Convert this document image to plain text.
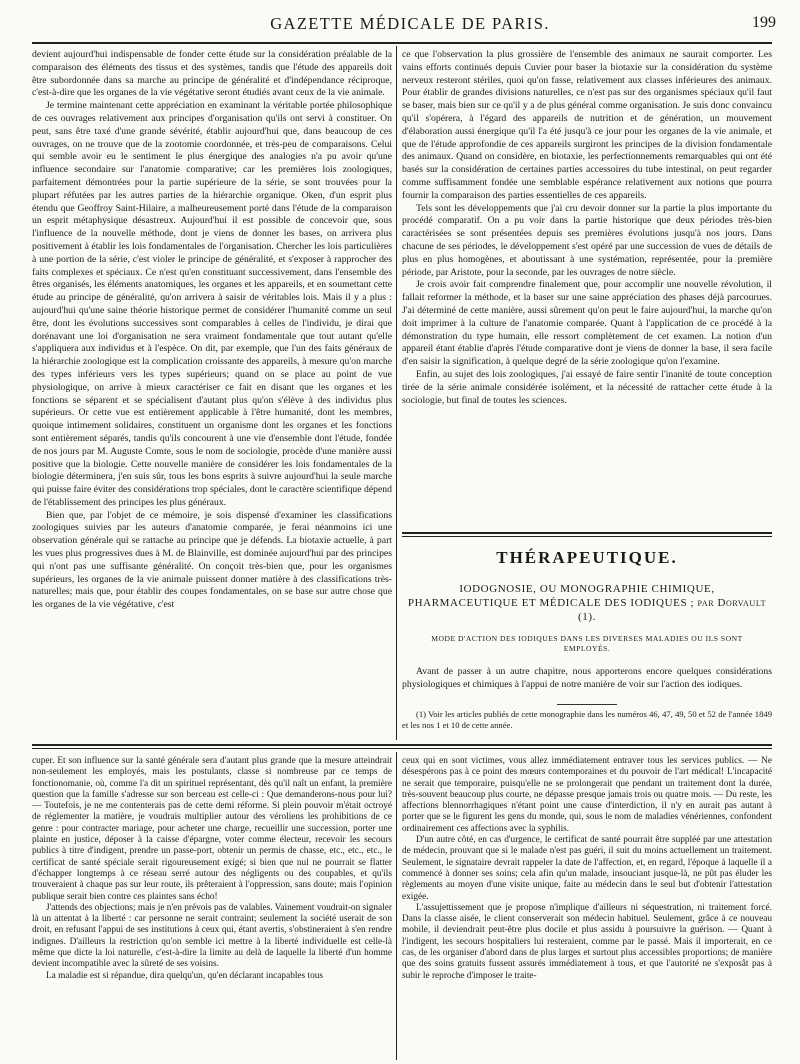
GAZETTE MÉDICALE DE PARIS.	199

devient aujourd'hui indispensable de fonder cette étude sur la considération préalable de la comparaison des éléments des tissus et des systèmes, tandis que l'étude des appareils doit être subordonnée dans sa marche au principe de généralité et d'indépendance réciproque, c'est-à-dire que les organes de la vie végétative seront étudiés avant ceux de la vie animale.

Je termine maintenant cette appréciation en examinant la véritable portée philosophique de ces ouvrages relativement aux principes d'organisation qu'ils ont servi à constituer. On peut, sans être taxé d'une grande sévérité, établir aujourd'hui que, dans beaucoup de ces ouvrages, on ne trouve que de la zootomie coordonnée, et très-peu de comparaisons. Celui qui semble avoir eu le sentiment le plus énergique des analogies n'a pu avoir qu'une influence secondaire sur l'anatomie comparative; car les premières lois zoologiques, parfaitement démontrées pour la partie supérieure de la série, se sont trouvées pour la plupart réfutées par les autres parties de la hiérarchie organique. Oken, d'un esprit plus étendu que Geoffroy Saint-Hilaire, a malheureusement porté dans l'étude de la comparaison un esprit métaphysique désastreux. Aujourd'hui il est possible de concevoir que, sous l'influence de la nouvelle méthode, dont je viens de donner les bases, on arrivera plus positivement à établir les lois fondamentales de l'organisation. Chercher les lois particulières à une portion de la série, c'est violer le principe de généralité, et s'exposer à rapprocher des faits complexes et spéciaux. Ce n'est qu'en constituant successivement, dans l'ensemble des êtres organisés, les éléments anatomiques, les organes et les appareils, et en soumettant cette étude au principe de généralité, qu'on arrivera à saisir de véritables lois. Mais il y a plus : aujourd'hui qu'une saine théorie historique permet de considérer l'humanité comme un seul être, dont les évolutions successives sont comparables à celles de l'individu, je dirai que dorénavant une loi d'organisation ne sera vraiment fondamentale que tout autant qu'elle s'appliquera aux individus et à l'espèce. On dit, par exemple, que l'un des faits généraux de la hiérarchie zoologique est la complication croissante des appareils, à mesure qu'on marche des types inférieurs vers les types supérieurs; quand on se place au point de vue physiologique, on arrive à mieux caractériser ce fait en disant que les organes et les fonctions se séparent et se spécialisent d'autant plus qu'on s'élève à des individus plus supérieurs. Or cette vue est entièrement applicable à l'être humanité, dont les membres, quoique intimement solidaires, constituent un organisme dont les organes et les fonctions sont entièrement séparés, tandis qu'ils concourent à une vie d'ensemble dont l'étude, fondée de nos jours par M. Auguste Comte, sous le nom de sociologie, procède d'une manière aussi positive que la biologie. Cette nouvelle manière de considérer les lois fondamentales de la biologie déterminera, j'en suis sûr, tous les bons esprits à suivre aujourd'hui la seule marche qui puisse faire éviter des considérations trop spéciales, dont le caractère scientifique dépend de l'établissement des principes les plus généraux.

Bien que, par l'objet de ce mémoire, je sois dispensé d'examiner les classifications zoologiques suivies par les auteurs d'anatomie comparée, je ferai néanmoins ici une observation générale qui se rattache au principe que je défends. La biotaxie actuelle, à part les vues plus progressives dues à M. de Blainville, est dominée aujourd'hui par des principes qui n'ont pas une suffisante généralité. On conçoit très-bien que, pour les organismes supérieurs, les organes de la vie animale puissent donner matière à des classifications très-naturelles; mais que, pour établir des coupes fondamentales, on se base sur autre chose que les organes de la vie végétative, c'est

ce que l'observation la plus grossière de l'ensemble des animaux ne saurait comporter. Les vains efforts continués depuis Cuvier pour baser la biotaxie sur la considération du système nerveux resteront stériles, quoi qu'on fasse, relativement aux classes inférieures des animaux. Pour établir de grandes divisions naturelles, ce n'est pas sur des organismes spéciaux qu'il faut se baser, mais bien sur ce qu'il y a de plus général comme organisation. Je suis donc convaincu qu'il s'opérera, à l'égard des appareils de nutrition et de génération, un mouvement d'élaboration aussi énergique qu'il l'a été jusqu'à ce jour pour les organes de la vie animale, et que de l'étude approfondie de ces appareils surgiront les principes de la division fondamentale des animaux. Quand on considère, en biotaxie, les perfectionnements remarquables qui ont été basés sur la considération de certaines parties accessoires du tube intestinal, on peut regarder comme suffisamment fondée une semblable espérance relativement aux notions que pourra fournir la comparaison des parties essentielles de ces appareils.

Tels sont les développements que j'ai cru devoir donner sur la partie la plus importante du procédé comparatif. On a pu voir dans la partie historique que deux périodes très-bien caractérisées se sont présentées depuis ses premières évolutions jusqu'à nos jours. Dans chacune de ses périodes, le développement s'est opéré par une succession de vues de détails de plus en plus homogènes, et aboutissant à une systémation, représentée, pour la première période, par Aristote, pour la seconde, par les ouvrages de notre siècle.

Je crois avoir fait comprendre finalement que, pour accomplir une nouvelle révolution, il fallait reformer la méthode, et la baser sur une saine appréciation des phases déjà parcourues. J'ai déterminé de cette manière, aussi sûrement qu'on peut le faire aujourd'hui, la marche qu'on doit imprimer à la culture de l'anatomie comparée. Quant à l'application de ce procédé à la démonstration du type humain, elle ressort complètement de cet examen. La notion d'un appareil étant établie d'après l'étude comparative dont je viens de donner la base, il sera facile d'en saisir la signification, à quelque degré de la série zoologique qu'on l'examine.

Enfin, au sujet des lois zoologiques, j'ai essayé de faire sentir l'inanité de toute conception tirée de la série animale considérée isolément, et la nécessité de rattacher cette étude à la sociologie, but final de toutes les sciences.

THÉRAPEUTIQUE.
IODOGNOSIE, OU MONOGRAPHIE CHIMIQUE, PHARMACEUTIQUE ET MÉDICALE DES IODIQUES ; par Dorvault (1).
MODE D'ACTION DES IODIQUES DANS LES DIVERSES MALADIES OU ILS SONT EMPLOYÉS.
Avant de passer à un autre chapitre, nous apporterons encore quelques considérations physiologiques et chimiques à l'appui de notre manière de voir sur l'action des iodiques.
(1) Voir les articles publiés de cette monographie dans les numéros 46, 47, 49, 50 et 52 de l'année 1849 et les nos 1 et 10 de cette année.

cuper. Et son influence sur la santé générale sera d'autant plus grande que la mesure atteindrait non-seulement les employés, mais les postulants, classe si nombreuse par ce temps de fonctionomanie, où, comme l'a dit un spirituel représentant, dès qu'il naît un enfant, la première question que la famille s'adresse sur son berceau est celle-ci : Que demanderons-nous pour lui? — Toutefois, je ne me contenterais pas de cette demi réforme. Si plein pouvoir m'était octroyé de réglementer la matière, je voudrais multiplier autour des véroliens les prohibitions de ce genre : pour contracter mariage, pour acheter une charge, recueillir une succession, porter une plainte en justice, déposer à la caisse d'épargne, voter comme électeur, recevoir les secours publics à titre d'indigent, prendre un passe-port, obtenir un permis de chasse, etc., etc., etc., le certificat de santé spéciale serait rigoureusement exigé; si bien que nul ne pourrait se flatter d'échapper longtemps à ce réseau serré autour des négligents ou des coupables, et qu'ils trouveraient à chaque pas sur leur route, ils prêteraient à l'oppression, sans doute; mais l'opinion publique serait bien contre ces plaintes sans écho!

J'attends des objections; mais je n'en prévois pas de valables. Vainement voudrait-on signaler là un attentat à la liberté : car personne ne serait contraint; seulement la société userait de son droit, en refusant l'appui de ses institutions à ceux qui, étant avertis, s'obstineraient à s'en rendre indignes. D'ailleurs la restriction qu'on semble ici mettre à la liberté individuelle est celle-là même que dicte la loi naturelle, c'est-à-dire la limite au delà de laquelle la liberté d'un homme devient incompatible avec la sûreté de ses voisins.

La maladie est si répandue, dira quelqu'un, qu'en déclarant incapables tous

ceux qui en sont victimes, vous allez immédiatement entraver tous les services publics. — Ne désespérons pas à ce point des mœurs contemporaines et du pouvoir de l'art médical! L'incapacité ne serait que temporaire, puisqu'elle ne se prolongerait que pendant un traitement dont la durée, très-souvent beaucoup plus courte, ne dépasse presque jamais trois ou quatre mois. — Du reste, les affections blennorrhagiques n'étant point une cause d'interdiction, il n'y en aurait pas autant à porter que se le figurent les gens du monde, qui, sous le nom de maladies vénériennes, confondent ordinairement ces affections avec la syphilis.

D'un autre côté, en cas d'urgence, le certificat de santé pourrait être suppléé par une attestation de médecin, prouvant que si le malade n'est pas guéri, il suit du moins actuellement un traitement. Seulement, le signataire devrait rappeler la date de l'affection, et, en regard, l'époque à laquelle il a commencé à donner ses soins; cela afin qu'un malade, insouciant jusque-là, ne pût pas éluder les règlements au moyen d'une visite unique, faite au médecin dans le seul but d'obtenir l'attestation exigée.

L'assujettissement que je propose n'implique d'ailleurs ni séquestration, ni traitement forcé. Dans la classe aisée, le client conserverait son médecin habituel. Seulement, grâce à ce nouveau mobile, il deviendrait peut-être plus docile et plus assidu à poursuivre la guérison. — Quant à l'indigent, les secours hospitaliers lui resteraient, comme par le passé. Mais il importerait, en ce cas, de les organiser d'abord dans de plus larges et surtout plus accessibles proportions; de manière que des soins gratuits fussent assurés immédiatement à tous, et que l'autorité ne s'exposât pas à subir le reproche d'imposer le traite-
